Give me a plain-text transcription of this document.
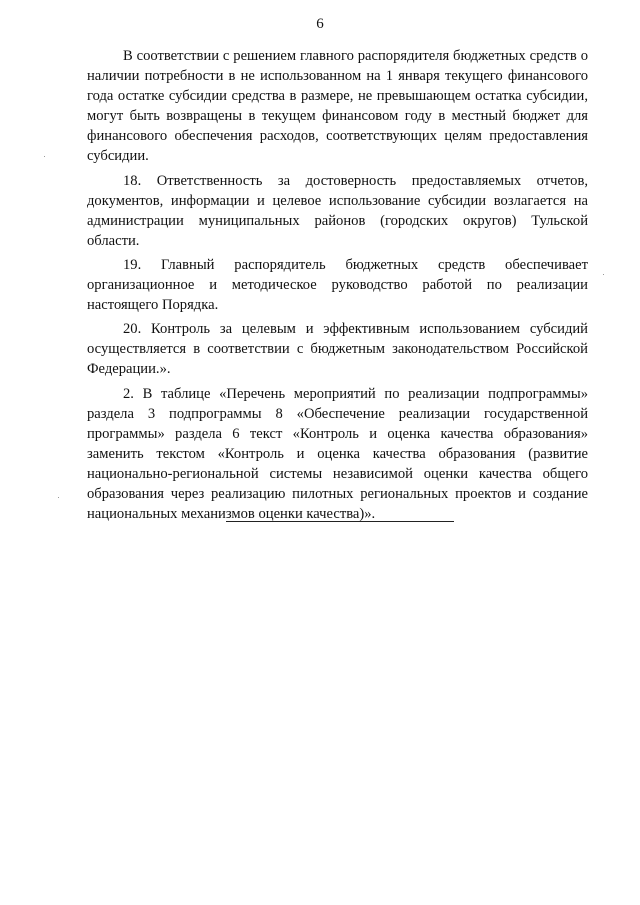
6

В соответствии с решением главного распорядителя бюджетных средств о наличии потребности в не использованном на 1 января текущего финансового года остатке субсидии средства в размере, не превышающем остатка субсидии, могут быть возвращены в текущем финансовом году в местный бюджет для финансового обеспечения расходов, соответствующих целям предоставления субсидии.

18. Ответственность за достоверность предоставляемых отчетов, документов, информации и целевое использование субсидии возлагается на администрации муниципальных районов (городских округов) Тульской области.

19. Главный распорядитель бюджетных средств обеспечивает организационное и методическое руководство работой по реализации настоящего Порядка.

20. Контроль за целевым и эффективным использованием субсидий осуществляется в соответствии с бюджетным законодательством Российской Федерации.».

2. В таблице «Перечень мероприятий по реализации подпрограммы» раздела 3 подпрограммы 8 «Обеспечение реализации государственной программы» раздела 6 текст «Контроль и оценка качества образования» заменить текстом «Контроль и оценка качества образования (развитие национально-региональной системы независимой оценки качества общего образования через реализацию пилотных региональных проектов и создание национальных механизмов оценки качества)».
